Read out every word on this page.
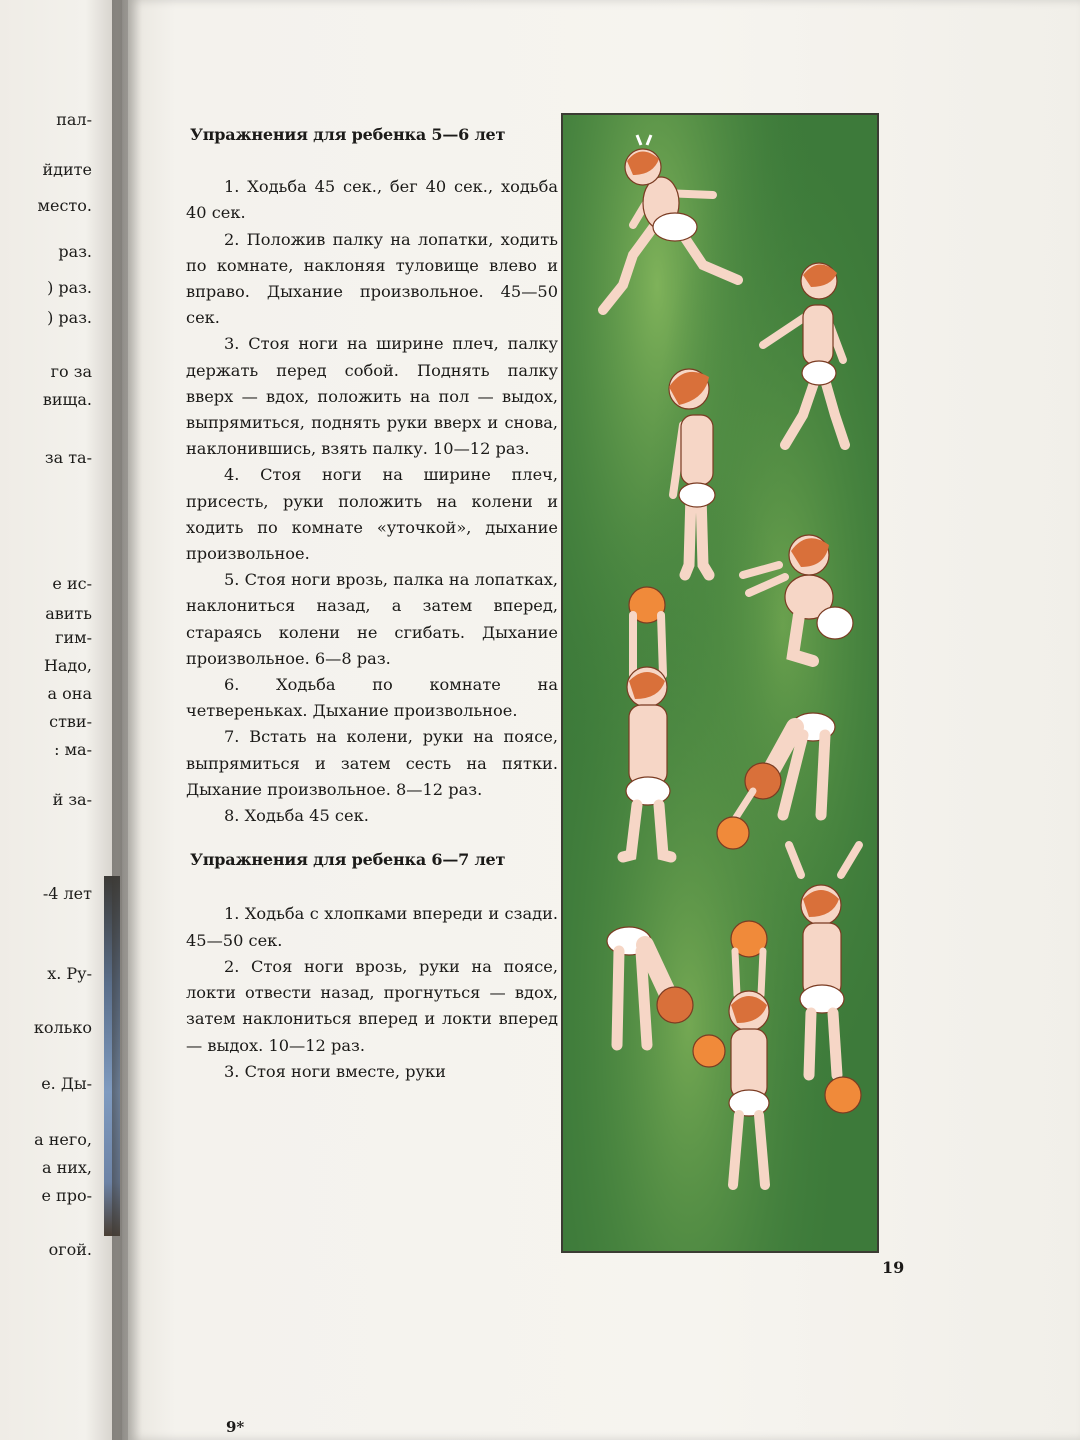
пал-
йдите
место.
раз.
) раз.
) раз.
го за
вища.
за та-
е ис-
авить
гим-
Надо,
а она
стви-
: ма-
й за-
-4 лет
х. Ру-
колько
е. Ды-
а него,
а них,
е про-
огой.
Упражнения для ребенка 5—6 лет

1. Ходьба 45 сек., бег 40 сек., ходьба 40 сек.

2. Положив палку на лопатки, ходить по комнате, наклоняя туловище влево и вправо. Дыхание произвольное. 45—50 сек.

3. Стоя ноги на ширине плеч, палку держать перед собой. Поднять палку вверх — вдох, положить на пол — выдох, выпрямиться, поднять руки вверх и снова, наклонившись, взять палку. 10—12 раз.

4. Стоя ноги на ширине плеч, присесть, руки положить на колени и ходить по комнате «уточкой», дыхание произвольное.

5. Стоя ноги врозь, палка на лопатках, наклониться назад, а затем вперед, стараясь колени не сгибать. Дыхание произвольное. 6—8 раз.

6. Ходьба по комнате на четвереньках. Дыхание произвольное.

7. Встать на колени, руки на поясе, выпрямиться и затем сесть на пятки. Дыхание произвольное. 8—12 раз.

8. Ходьба 45 сек.

Упражнения для ребенка 6—7 лет

1. Ходьба с хлопками впереди и сзади. 45—50 сек.

2. Стоя ноги врозь, руки на поясе, локти отвести назад, прогнуться — вдох, затем наклониться вперед и локти вперед — выдох. 10—12 раз.

3. Стоя ноги вместе, руки

19
9*
